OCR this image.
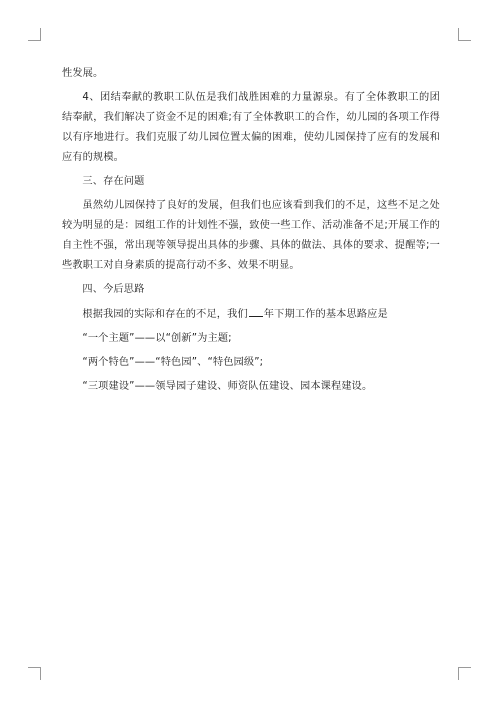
性发展。

4、团结奉献的教职工队伍是我们战胜困难的力量源泉。有了全体教职工的团结奉献，我们解决了资金不足的困难;有了全体教职工的合作，幼儿园的各项工作得以有序地进行。我们克服了幼儿园位置太偏的困难，使幼儿园保持了应有的发展和应有的规模。

三、存在问题

虽然幼儿园保持了良好的发展，但我们也应该看到我们的不足，这些不足之处较为明显的是：园组工作的计划性不强，致使一些工作、活动准备不足;开展工作的自主性不强，常出现等领导提出具体的步骤、具体的做法、具体的要求、提醒等;一些教职工对自身素质的提高行动不多、效果不明显。

四、今后思路

根据我园的实际和存在的不足，我们 年下期工作的基本思路应是

“一个主题”——以“创新”为主题;

“两个特色”——“特色园”、“特色园级”;

“三项建设”——领导园子建设、师资队伍建设、园本课程建设。
